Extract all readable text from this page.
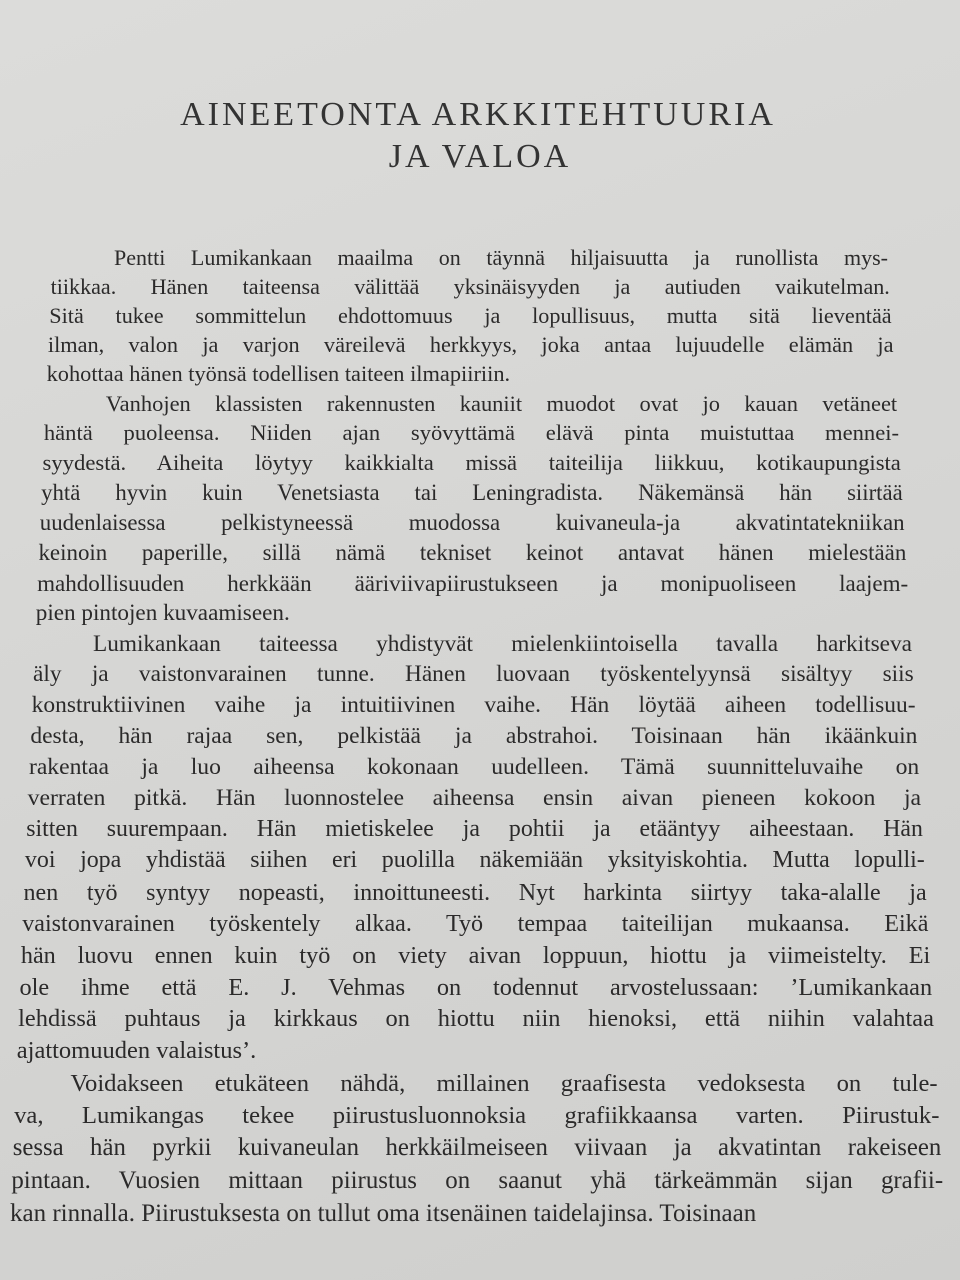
AINEETONTA ARKKITEHTUURIA
JA VALOA
Pentti Lumikankaan maailma on täynnä hiljaisuutta ja runollista mys-
tiikkaa. Hänen taiteensa välittää yksinäisyyden ja autiuden vaikutelman.
Sitä tukee sommittelun ehdottomuus ja lopullisuus, mutta sitä lieventää
ilman, valon ja varjon väreilevä herkkyys, joka antaa lujuudelle elämän ja
kohottaa hänen työnsä todellisen taiteen ilmapiiriin.
Vanhojen klassisten rakennusten kauniit muodot ovat jo kauan vetäneet
häntä puoleensa. Niiden ajan syövyttämä elävä pinta muistuttaa mennei-
syydestä. Aiheita löytyy kaikkialta missä taiteilija liikkuu, kotikaupungista
yhtä hyvin kuin Venetsiasta tai Leningradista. Näkemänsä hän siirtää
uudenlaisessa pelkistyneessä muodossa kuivaneula-ja akvatintatekniikan
keinoin paperille, sillä nämä tekniset keinot antavat hänen mielestään
mahdollisuuden herkkään ääriviivapiirustukseen ja monipuoliseen laajem-
pien pintojen kuvaamiseen.
Lumikankaan taiteessa yhdistyvät mielenkiintoisella tavalla harkitseva
äly ja vaistonvarainen tunne. Hänen luovaan työskentelyynsä sisältyy siis
konstruktiivinen vaihe ja intuitiivinen vaihe. Hän löytää aiheen todellisuu-
desta, hän rajaa sen, pelkistää ja abstrahoi. Toisinaan hän ikäänkuin
rakentaa ja luo aiheensa kokonaan uudelleen. Tämä suunnitteluvaihe on
verraten pitkä. Hän luonnostelee aiheensa ensin aivan pieneen kokoon ja
sitten suurempaan. Hän mietiskelee ja pohtii ja etääntyy aiheestaan. Hän
voi jopa yhdistää siihen eri puolilla näkemiään yksityiskohtia. Mutta lopulli-
nen työ syntyy nopeasti, innoittuneesti. Nyt harkinta siirtyy taka-alalle ja
vaistonvarainen työskentely alkaa. Työ tempaa taiteilijan mukaansa. Eikä
hän luovu ennen kuin työ on viety aivan loppuun, hiottu ja viimeistelty. Ei
ole ihme että E. J. Vehmas on todennut arvostelussaan: ’Lumikankaan
lehdissä puhtaus ja kirkkaus on hiottu niin hienoksi, että niihin valahtaa
ajattomuuden valaistus’.
Voidakseen etukäteen nähdä, millainen graafisesta vedoksesta on tule-
va, Lumikangas tekee piirustusluonnoksia grafiikkaansa varten. Piirustuk-
sessa hän pyrkii kuivaneulan herkkäilmeiseen viivaan ja akvatintan rakeiseen
pintaan. Vuosien mittaan piirustus on saanut yhä tärkeämmän sijan grafii-
kan rinnalla. Piirustuksesta on tullut oma itsenäinen taidelajinsa. Toisinaan
